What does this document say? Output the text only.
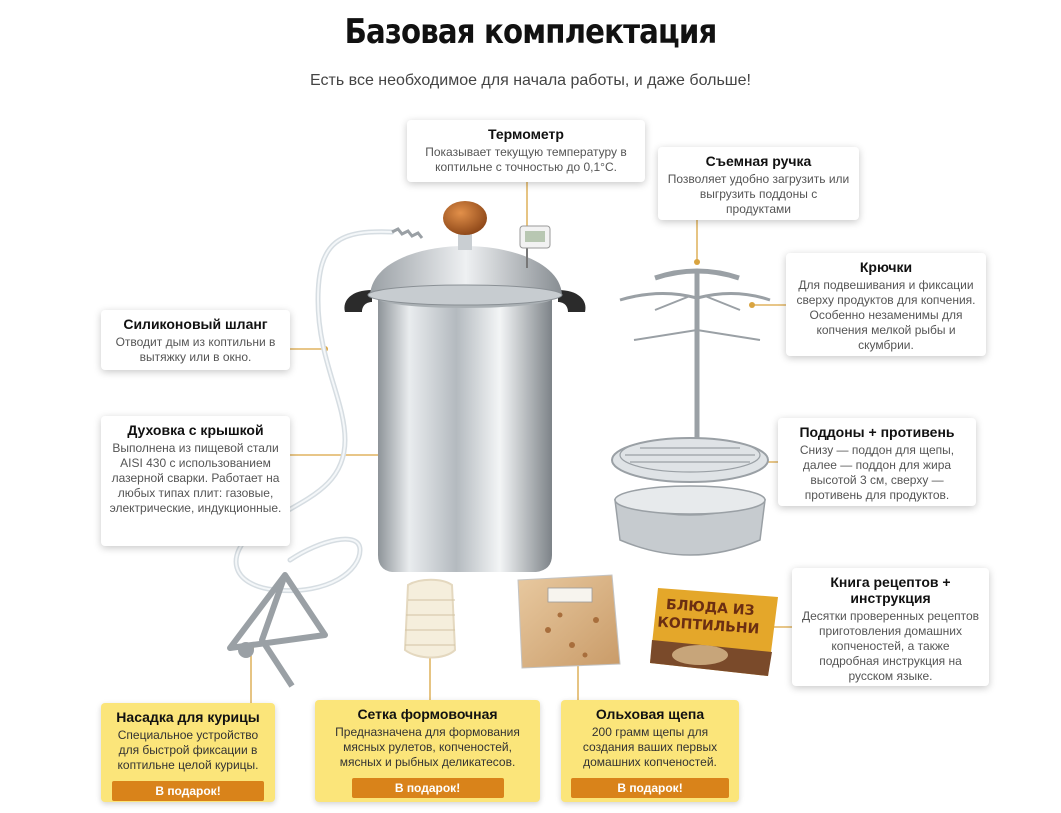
Базовая комплектация
Есть все необходимое для начала работы, и даже больше!
БЛЮДА ИЗ
КОПТИЛЬНИ
Термометр

Показывает текущую температуру в коптильне с точностью до 0,1°С.	Съемная ручка

Позволяет удобно загрузить или выгрузить поддоны с продуктами

Крючки

Для подвешивания и фиксации сверху продуктов для копчения. Особенно незаменимы для копчения мелкой рыбы и скумбрии.

Силиконовый шланг

Отводит дым из коптильни в вытяжку или в окно.

Духовка с крышкой

Выполнена из пищевой стали AISI 430 с использованием лазерной сварки. Работает на любых типах плит: газовые, электрические, индукционные.

Поддоны + противень

Снизу — поддон для щепы, далее — поддон для жира высотой 3 см, сверху — противень для продуктов.

Книга рецептов + инструкция

Десятки проверенных рецептов приготовления домашних копченостей, а также подробная инструкция на русском языке.

Насадка для курицы

Специальное устройство для быстрой фиксации в коптильне целой курицы.

В подарок!
Сетка формовочная

Предназначена для формования мясных рулетов, копченостей, мясных и рыбных деликатесов.

В подарок!
Ольховая щепа

200 грамм щепы для создания ваших первых домашних копченостей.

В подарок!
